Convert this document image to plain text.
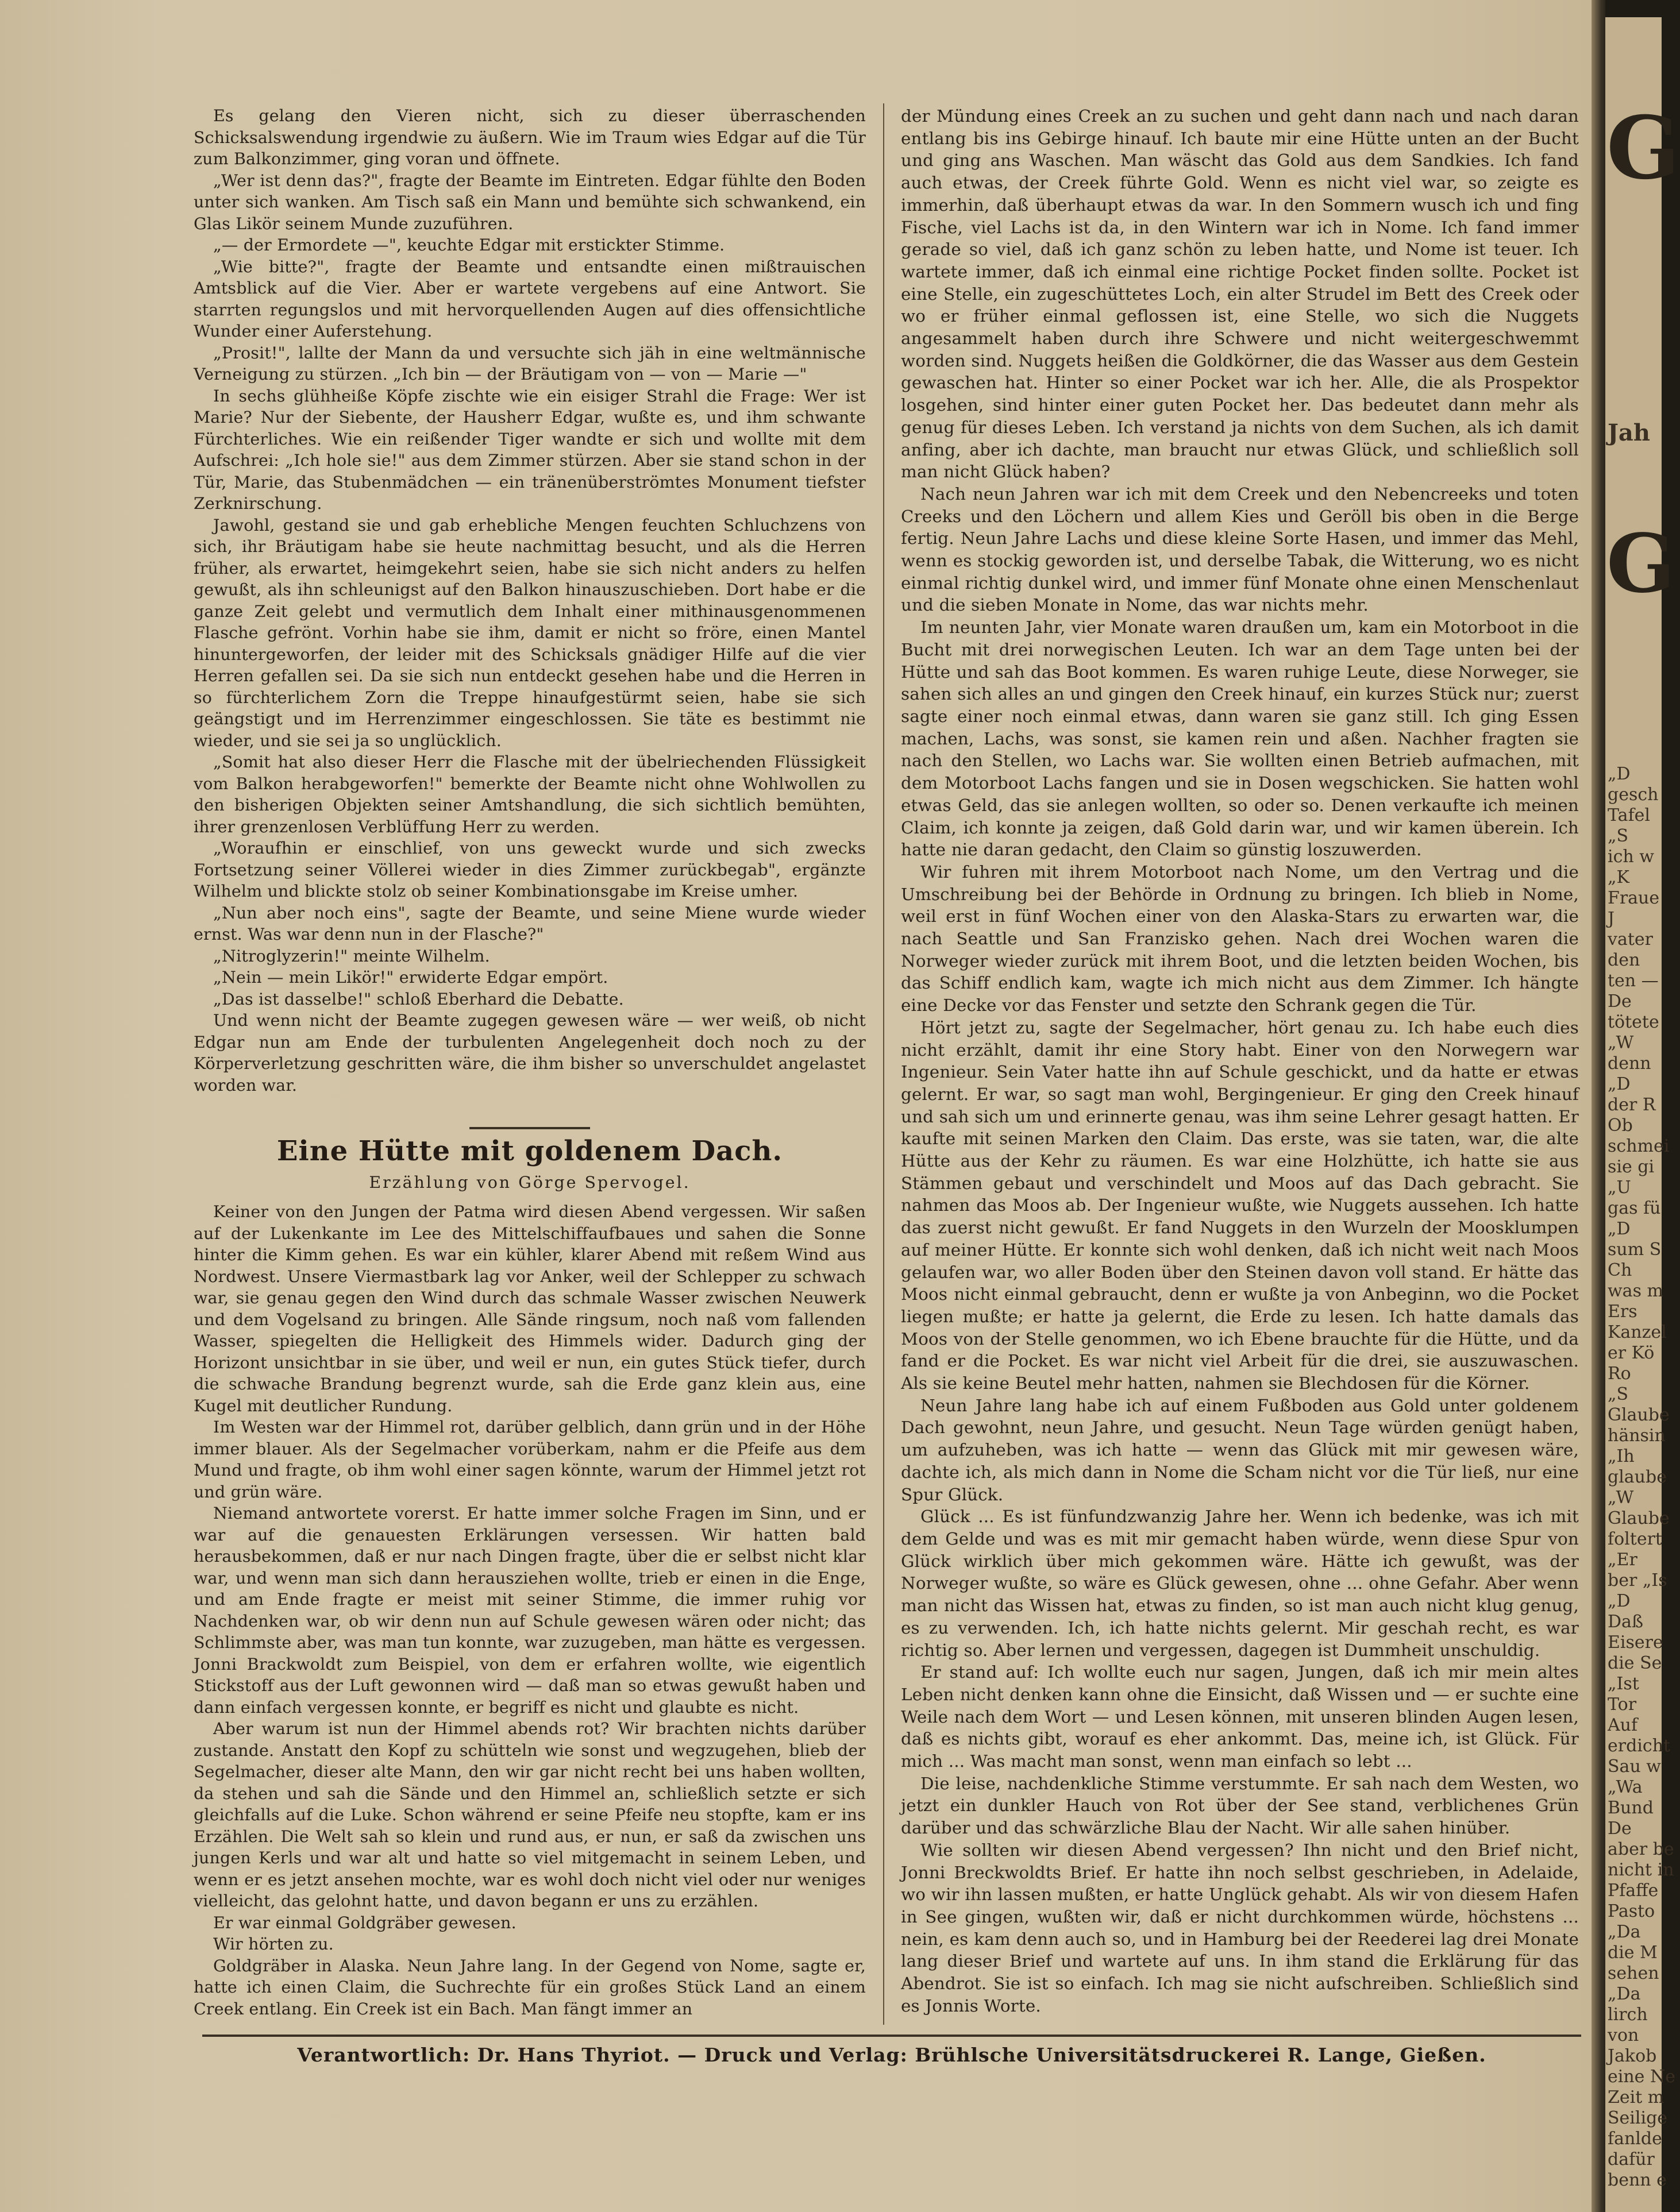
Es gelang den Vieren nicht, sich zu dieser überraschenden Schicksalswendung irgendwie zu äußern. Wie im Traum wies Edgar auf die Tür zum Balkonzimmer, ging voran und öffnete.

„Wer ist denn das?", fragte der Beamte im Eintreten. Edgar fühlte den Boden unter sich wanken. Am Tisch saß ein Mann und bemühte sich schwankend, ein Glas Likör seinem Munde zuzuführen.

„— der Ermordete —", keuchte Edgar mit erstickter Stimme.

„Wie bitte?", fragte der Beamte und entsandte einen mißtrauischen Amtsblick auf die Vier. Aber er wartete vergebens auf eine Antwort. Sie starrten regungslos und mit hervorquellenden Augen auf dies offensichtliche Wunder einer Auferstehung.

„Prosit!", lallte der Mann da und versuchte sich jäh in eine weltmännische Verneigung zu stürzen. „Ich bin — der Bräutigam von — von — Marie —"

In sechs glühheiße Köpfe zischte wie ein eisiger Strahl die Frage: Wer ist Marie? Nur der Siebente, der Hausherr Edgar, wußte es, und ihm schwante Fürchterliches. Wie ein reißender Tiger wandte er sich und wollte mit dem Aufschrei: „Ich hole sie!" aus dem Zimmer stürzen. Aber sie stand schon in der Tür, Marie, das Stubenmädchen — ein tränenüberströmtes Monument tiefster Zerknirschung.

Jawohl, gestand sie und gab erhebliche Mengen feuchten Schluchzens von sich, ihr Bräutigam habe sie heute nachmittag besucht, und als die Herren früher, als erwartet, heimgekehrt seien, habe sie sich nicht anders zu helfen gewußt, als ihn schleunigst auf den Balkon hinauszuschieben. Dort habe er die ganze Zeit gelebt und vermutlich dem Inhalt einer mithinausgenommenen Flasche gefrönt. Vorhin habe sie ihm, damit er nicht so fröre, einen Mantel hinuntergeworfen, der leider mit des Schicksals gnädiger Hilfe auf die vier Herren gefallen sei. Da sie sich nun entdeckt gesehen habe und die Herren in so fürchterlichem Zorn die Treppe hinaufgestürmt seien, habe sie sich geängstigt und im Herrenzimmer eingeschlossen. Sie täte es bestimmt nie wieder, und sie sei ja so unglücklich.

„Somit hat also dieser Herr die Flasche mit der übelriechenden Flüssigkeit vom Balkon herabgeworfen!" bemerkte der Beamte nicht ohne Wohlwollen zu den bisherigen Objekten seiner Amtshandlung, die sich sichtlich bemühten, ihrer grenzenlosen Verblüffung Herr zu werden.

„Woraufhin er einschlief, von uns geweckt wurde und sich zwecks Fortsetzung seiner Völlerei wieder in dies Zimmer zurückbegab", ergänzte Wilhelm und blickte stolz ob seiner Kombinationsgabe im Kreise umher.

„Nun aber noch eins", sagte der Beamte, und seine Miene wurde wieder ernst. Was war denn nun in der Flasche?"

„Nitroglyzerin!" meinte Wilhelm.

„Nein — mein Likör!" erwiderte Edgar empört.

„Das ist dasselbe!" schloß Eberhard die Debatte.

Und wenn nicht der Beamte zugegen gewesen wäre — wer weiß, ob nicht Edgar nun am Ende der turbulenten Angelegenheit doch noch zu der Körperverletzung geschritten wäre, die ihm bisher so unverschuldet angelastet worden war.

Eine Hütte mit goldenem Dach.

Erzählung von Görge Spervogel.

Keiner von den Jungen der Patma wird diesen Abend vergessen. Wir saßen auf der Lukenkante im Lee des Mittelschiffaufbaues und sahen die Sonne hinter die Kimm gehen. Es war ein kühler, klarer Abend mit reßem Wind aus Nordwest. Unsere Viermastbark lag vor Anker, weil der Schlepper zu schwach war, sie genau gegen den Wind durch das schmale Wasser zwischen Neuwerk und dem Vogelsand zu bringen. Alle Sände ringsum, noch naß vom fallenden Wasser, spiegelten die Helligkeit des Himmels wider. Dadurch ging der Horizont unsichtbar in sie über, und weil er nun, ein gutes Stück tiefer, durch die schwache Brandung begrenzt wurde, sah die Erde ganz klein aus, eine Kugel mit deutlicher Rundung.

Im Westen war der Himmel rot, darüber gelblich, dann grün und in der Höhe immer blauer. Als der Segelmacher vorüberkam, nahm er die Pfeife aus dem Mund und fragte, ob ihm wohl einer sagen könnte, warum der Himmel jetzt rot und grün wäre.

Niemand antwortete vorerst. Er hatte immer solche Fragen im Sinn, und er war auf die genauesten Erklärungen versessen. Wir hatten bald herausbekommen, daß er nur nach Dingen fragte, über die er selbst nicht klar war, und wenn man sich dann herausziehen wollte, trieb er einen in die Enge, und am Ende fragte er meist mit seiner Stimme, die immer ruhig vor Nachdenken war, ob wir denn nun auf Schule gewesen wären oder nicht; das Schlimmste aber, was man tun konnte, war zuzugeben, man hätte es vergessen. Jonni Brackwoldt zum Beispiel, von dem er erfahren wollte, wie eigentlich Stickstoff aus der Luft gewonnen wird — daß man so etwas gewußt haben und dann einfach vergessen konnte, er begriff es nicht und glaubte es nicht.

Aber warum ist nun der Himmel abends rot? Wir brachten nichts darüber zustande. Anstatt den Kopf zu schütteln wie sonst und wegzugehen, blieb der Segelmacher, dieser alte Mann, den wir gar nicht recht bei uns haben wollten, da stehen und sah die Sände und den Himmel an, schließlich setzte er sich gleichfalls auf die Luke. Schon während er seine Pfeife neu stopfte, kam er ins Erzählen. Die Welt sah so klein und rund aus, er nun, er saß da zwischen uns jungen Kerls und war alt und hatte so viel mitgemacht in seinem Leben, und wenn er es jetzt ansehen mochte, war es wohl doch nicht viel oder nur weniges vielleicht, das gelohnt hatte, und davon begann er uns zu erzählen.

Er war einmal Goldgräber gewesen.

Wir hörten zu.

Goldgräber in Alaska. Neun Jahre lang. In der Gegend von Nome, sagte er, hatte ich einen Claim, die Suchrechte für ein großes Stück Land an einem Creek entlang. Ein Creek ist ein Bach. Man fängt immer an

der Mündung eines Creek an zu suchen und geht dann nach und nach daran entlang bis ins Gebirge hinauf. Ich baute mir eine Hütte unten an der Bucht und ging ans Waschen. Man wäscht das Gold aus dem Sandkies. Ich fand auch etwas, der Creek führte Gold. Wenn es nicht viel war, so zeigte es immerhin, daß überhaupt etwas da war. In den Sommern wusch ich und fing Fische, viel Lachs ist da, in den Wintern war ich in Nome. Ich fand immer gerade so viel, daß ich ganz schön zu leben hatte, und Nome ist teuer. Ich wartete immer, daß ich einmal eine richtige Pocket finden sollte. Pocket ist eine Stelle, ein zugeschüttetes Loch, ein alter Strudel im Bett des Creek oder wo er früher einmal geflossen ist, eine Stelle, wo sich die Nuggets angesammelt haben durch ihre Schwere und nicht weitergeschwemmt worden sind. Nuggets heißen die Goldkörner, die das Wasser aus dem Gestein gewaschen hat. Hinter so einer Pocket war ich her. Alle, die als Prospektor losgehen, sind hinter einer guten Pocket her. Das bedeutet dann mehr als genug für dieses Leben. Ich verstand ja nichts von dem Suchen, als ich damit anfing, aber ich dachte, man braucht nur etwas Glück, und schließlich soll man nicht Glück haben?

Nach neun Jahren war ich mit dem Creek und den Nebencreeks und toten Creeks und den Löchern und allem Kies und Geröll bis oben in die Berge fertig. Neun Jahre Lachs und diese kleine Sorte Hasen, und immer das Mehl, wenn es stockig geworden ist, und derselbe Tabak, die Witterung, wo es nicht einmal richtig dunkel wird, und immer fünf Monate ohne einen Menschenlaut und die sieben Monate in Nome, das war nichts mehr.

Im neunten Jahr, vier Monate waren draußen um, kam ein Motorboot in die Bucht mit drei norwegischen Leuten. Ich war an dem Tage unten bei der Hütte und sah das Boot kommen. Es waren ruhige Leute, diese Norweger, sie sahen sich alles an und gingen den Creek hinauf, ein kurzes Stück nur; zuerst sagte einer noch einmal etwas, dann waren sie ganz still. Ich ging Essen machen, Lachs, was sonst, sie kamen rein und aßen. Nachher fragten sie nach den Stellen, wo Lachs war. Sie wollten einen Betrieb aufmachen, mit dem Motorboot Lachs fangen und sie in Dosen wegschicken. Sie hatten wohl etwas Geld, das sie anlegen wollten, so oder so. Denen verkaufte ich meinen Claim, ich konnte ja zeigen, daß Gold darin war, und wir kamen überein. Ich hatte nie daran gedacht, den Claim so günstig loszuwerden.

Wir fuhren mit ihrem Motorboot nach Nome, um den Vertrag und die Umschreibung bei der Behörde in Ordnung zu bringen. Ich blieb in Nome, weil erst in fünf Wochen einer von den Alaska-Stars zu erwarten war, die nach Seattle und San Franzisko gehen. Nach drei Wochen waren die Norweger wieder zurück mit ihrem Boot, und die letzten beiden Wochen, bis das Schiff endlich kam, wagte ich mich nicht aus dem Zimmer. Ich hängte eine Decke vor das Fenster und setzte den Schrank gegen die Tür.

Hört jetzt zu, sagte der Segelmacher, hört genau zu. Ich habe euch dies nicht erzählt, damit ihr eine Story habt. Einer von den Norwegern war Ingenieur. Sein Vater hatte ihn auf Schule geschickt, und da hatte er etwas gelernt. Er war, so sagt man wohl, Bergingenieur. Er ging den Creek hinauf und sah sich um und erinnerte genau, was ihm seine Lehrer gesagt hatten. Er kaufte mit seinen Marken den Claim. Das erste, was sie taten, war, die alte Hütte aus der Kehr zu räumen. Es war eine Holzhütte, ich hatte sie aus Stämmen gebaut und verschindelt und Moos auf das Dach gebracht. Sie nahmen das Moos ab. Der Ingenieur wußte, wie Nuggets aussehen. Ich hatte das zuerst nicht gewußt. Er fand Nuggets in den Wurzeln der Moosklumpen auf meiner Hütte. Er konnte sich wohl denken, daß ich nicht weit nach Moos gelaufen war, wo aller Boden über den Steinen davon voll stand. Er hätte das Moos nicht einmal gebraucht, denn er wußte ja von Anbeginn, wo die Pocket liegen mußte; er hatte ja gelernt, die Erde zu lesen. Ich hatte damals das Moos von der Stelle genommen, wo ich Ebene brauchte für die Hütte, und da fand er die Pocket. Es war nicht viel Arbeit für die drei, sie auszuwaschen. Als sie keine Beutel mehr hatten, nahmen sie Blechdosen für die Körner.

Neun Jahre lang habe ich auf einem Fußboden aus Gold unter goldenem Dach gewohnt, neun Jahre, und gesucht. Neun Tage würden genügt haben, um aufzuheben, was ich hatte — wenn das Glück mit mir gewesen wäre, dachte ich, als mich dann in Nome die Scham nicht vor die Tür ließ, nur eine Spur Glück.

Glück ... Es ist fünfundzwanzig Jahre her. Wenn ich bedenke, was ich mit dem Gelde und was es mit mir gemacht haben würde, wenn diese Spur von Glück wirklich über mich gekommen wäre. Hätte ich gewußt, was der Norweger wußte, so wäre es Glück gewesen, ohne ... ohne Gefahr. Aber wenn man nicht das Wissen hat, etwas zu finden, so ist man auch nicht klug genug, es zu verwenden. Ich, ich hatte nichts gelernt. Mir geschah recht, es war richtig so. Aber lernen und vergessen, dagegen ist Dummheit unschuldig.

Er stand auf: Ich wollte euch nur sagen, Jungen, daß ich mir mein altes Leben nicht denken kann ohne die Einsicht, daß Wissen und — er suchte eine Weile nach dem Wort — und Lesen können, mit unseren blinden Augen lesen, daß es nichts gibt, worauf es eher ankommt. Das, meine ich, ist Glück. Für mich ... Was macht man sonst, wenn man einfach so lebt ...

Die leise, nachdenkliche Stimme verstummte. Er sah nach dem Westen, wo jetzt ein dunkler Hauch von Rot über der See stand, verblichenes Grün darüber und das schwärzliche Blau der Nacht. Wir alle sahen hinüber.

Wie sollten wir diesen Abend vergessen? Ihn nicht und den Brief nicht, Jonni Breckwoldts Brief. Er hatte ihn noch selbst geschrieben, in Adelaide, wo wir ihn lassen mußten, er hatte Unglück gehabt. Als wir von diesem Hafen in See gingen, wußten wir, daß er nicht durchkommen würde, höchstens ... nein, es kam denn auch so, und in Hamburg bei der Reederei lag drei Monate lang dieser Brief und wartete auf uns. In ihm stand die Erklärung für das Abendrot. Sie ist so einfach. Ich mag sie nicht aufschreiben. Schließlich sind es Jonnis Worte.

Verantwortlich: Dr. Hans Thyriot. — Druck und Verlag: Brühlsche Universitätsdruckerei R. Lange, Gießen.
G
G
Jah
„D
gesch
Tafel
„S
ich w
„K
Fraue
J
vater
den
ten —
De
tötete
„W
denn
„D
der R
Ob
schmei
sie gi
„U
gas fü
„D
sum S
Ch
was m
Ers
Kanzel
er Kö
Ro
„S
Glaube
hänsin
„Ih
glaube
„W
Glaube
foltert
„Er
ber „Is
„D
Daß
Eisere
die Se
„Ist
Tor
Auf
erdicht
Sau w
„Wa
Bund
De
aber be
nicht in
Pfaffe
Pasto
„Da
die M
sehen
„Da
lirch
von
Jakob
eine Ne
Zeit m
Seilige
fanlde
dafür
benn e
